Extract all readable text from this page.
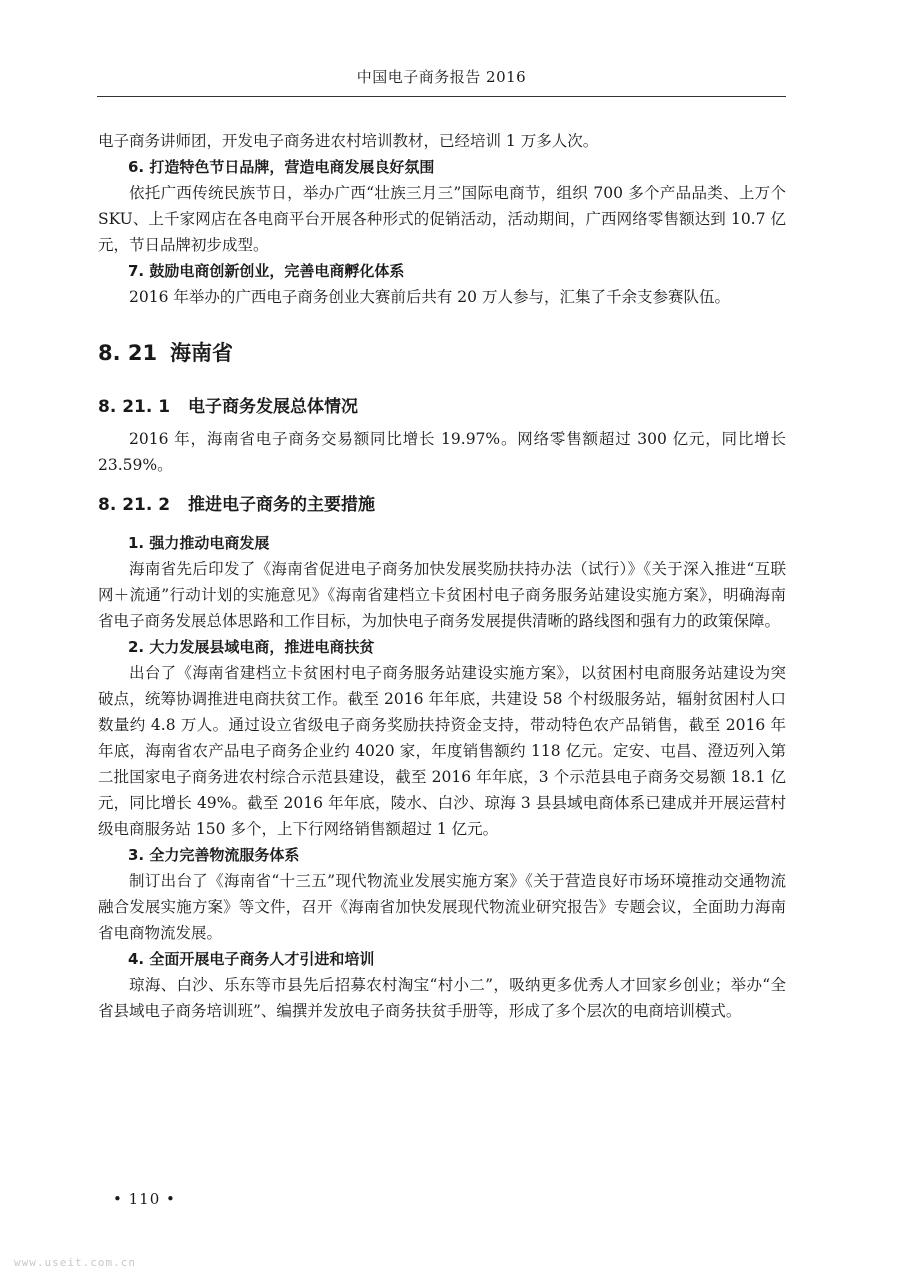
中国电子商务报告 2016

电子商务讲师团，开发电子商务进农村培训教材，已经培训 1 万多人次。

6. 打造特色节日品牌，营造电商发展良好氛围

依托广西传统民族节日，举办广西“壮族三月三”国际电商节，组织 700 多个产品品类、上万个 SKU、上千家网店在各电商平台开展各种形式的促销活动，活动期间，广西网络零售额达到 10.7 亿元，节日品牌初步成型。

7. 鼓励电商创新创业，完善电商孵化体系

2016 年举办的广西电子商务创业大赛前后共有 20 万人参与，汇集了千余支参赛队伍。

8. 21 海南省
8. 21. 1 电子商务发展总体情况

2016 年，海南省电子商务交易额同比增长 19.97%。网络零售额超过 300 亿元，同比增长 23.59%。

8. 21. 2 推进电子商务的主要措施
1. 强力推动电商发展

海南省先后印发了《海南省促进电子商务加快发展奖励扶持办法（试行）》《关于深入推进“互联网＋流通”行动计划的实施意见》《海南省建档立卡贫困村电子商务服务站建设实施方案》，明确海南省电子商务发展总体思路和工作目标，为加快电子商务发展提供清晰的路线图和强有力的政策保障。

2. 大力发展县域电商，推进电商扶贫

出台了《海南省建档立卡贫困村电子商务服务站建设实施方案》，以贫困村电商服务站建设为突破点，统筹协调推进电商扶贫工作。截至 2016 年年底，共建设 58 个村级服务站，辐射贫困村人口数量约 4.8 万人。通过设立省级电子商务奖励扶持资金支持，带动特色农产品销售，截至 2016 年年底，海南省农产品电子商务企业约 4020 家，年度销售额约 118 亿元。定安、屯昌、澄迈列入第二批国家电子商务进农村综合示范县建设，截至 2016 年年底，3 个示范县电子商务交易额 18.1 亿元，同比增长 49%。截至 2016 年年底，陵水、白沙、琼海 3 县县域电商体系已建成并开展运营村级电商服务站 150 多个，上下行网络销售额超过 1 亿元。

3. 全力完善物流服务体系

制订出台了《海南省“十三五”现代物流业发展实施方案》《关于营造良好市场环境推动交通物流融合发展实施方案》等文件，召开《海南省加快发展现代物流业研究报告》专题会议，全面助力海南省电商物流发展。

4. 全面开展电子商务人才引进和培训

琼海、白沙、乐东等市县先后招募农村淘宝“村小二”，吸纳更多优秀人才回家乡创业；举办“全省县域电子商务培训班”、编撰并发放电子商务扶贫手册等，形成了多个层次的电商培训模式。

• 110 •
www.useit.com.cn
